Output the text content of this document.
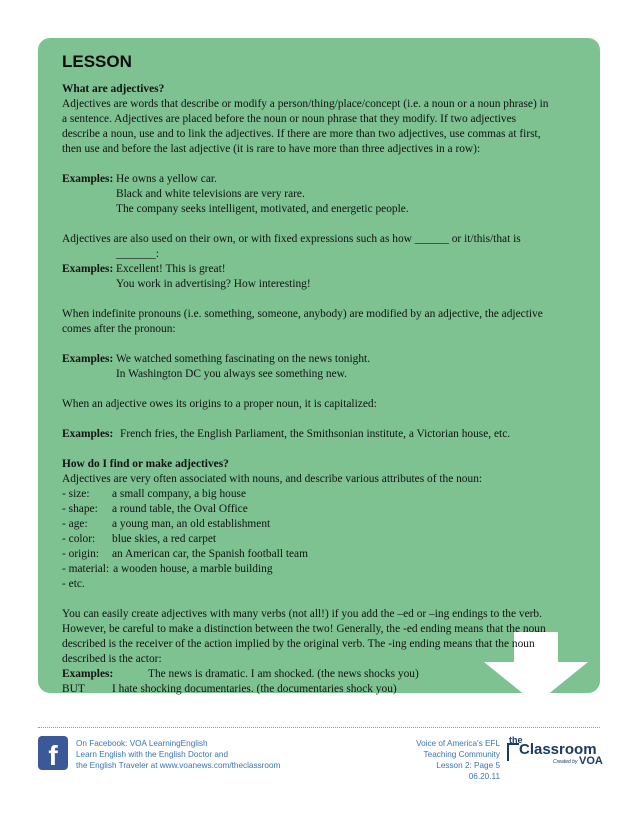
LESSON

What are adjectives?

Adjectives are words that describe or modify a person/thing/place/concept (i.e. a noun or a noun phrase) in a sentence. Adjectives are placed before the noun or noun phrase that they modify. If two adjectives describe a noun, use and to link the adjectives. If there are more than two adjectives, use commas at first, then use and before the last adjective (it is rare to have more than three adjectives in a row):

Examples: He owns a yellow car.
Black and white televisions are very rare.
The company seeks intelligent, motivated, and energetic people.

Adjectives are also used on their own, or with fixed expressions such as how ______ or it/this/that is

_______:

Examples: Excellent! This is great!
You work in advertising? How interesting!

When indefinite pronouns (i.e. something, someone, anybody) are modified by an adjective, the adjective comes after the pronoun:

Examples: We watched something fascinating on the news tonight.
In Washington DC you always see something new.

When an adjective owes its origins to a proper noun, it is capitalized:

Examples: French fries, the English Parliament, the Smithsonian institute, a Victorian house, etc.

How do I find or make adjectives?

Adjectives are very often associated with nouns, and describe various attributes of the noun:

- size:	a small company, a big house
- shape:	a round table, the Oval Office
- age:	a young man, an old establishment
- color:	blue skies, a red carpet
- origin:	an American car, the Spanish football team
- material: a wooden house, a marble building
- etc.

You can easily create adjectives with many verbs (not all!) if you add the –ed or –ing endings to the verb. However, be careful to make a distinction between the two! Generally, the -ed ending means that the noun described is the receiver of the action implied by the original verb. The -ing ending means that the noun described is the actor:

Examples:	The news is dramatic. I am shocked. (the news shocks you)
BUT	I hate shocking documentaries. (the documentaries shock you)
f	On Facebook: VOA LearningEnglish
Learn English with the English Doctor and
the English Traveler at www.voanews.com/theclassroom
Voice of America's EFL
Teaching Community
Lesson 2: Page 5
06.20.11
the
Classroom
Created by VOA
